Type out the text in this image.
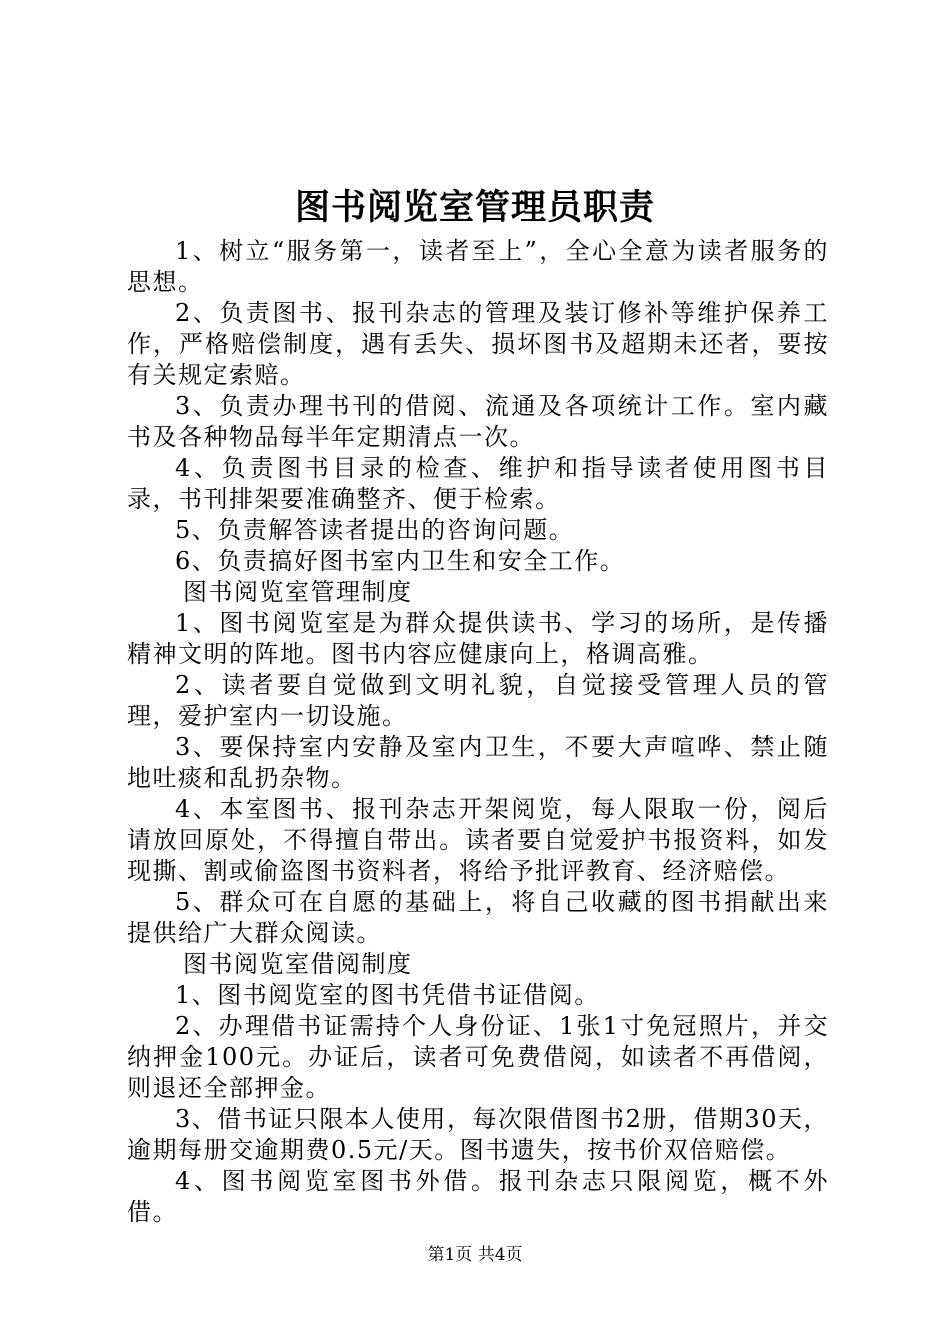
图书阅览室管理员职责

1、树立“服务第一，读者至上”，全心全意为读者服务的思想。

2、负责图书、报刊杂志的管理及装订修补等维护保养工作，严格赔偿制度，遇有丢失、损坏图书及超期未还者，要按有关规定索赔。

3、负责办理书刊的借阅、流通及各项统计工作。室内藏书及各种物品每半年定期清点一次。

4、负责图书目录的检查、维护和指导读者使用图书目录，书刊排架要准确整齐、便于检索。

5、负责解答读者提出的咨询问题。

6、负责搞好图书室内卫生和安全工作。

图书阅览室管理制度

1、图书阅览室是为群众提供读书、学习的场所，是传播精神文明的阵地。图书内容应健康向上，格调高雅。

2、读者要自觉做到文明礼貌，自觉接受管理人员的管理，爱护室内一切设施。

3、要保持室内安静及室内卫生，不要大声喧哗、禁止随地吐痰和乱扔杂物。

4、本室图书、报刊杂志开架阅览，每人限取一份，阅后请放回原处，不得擅自带出。读者要自觉爱护书报资料，如发现撕、割或偷盗图书资料者，将给予批评教育、经济赔偿。

5、群众可在自愿的基础上，将自己收藏的图书捐献出来提供给广大群众阅读。

图书阅览室借阅制度

1、图书阅览室的图书凭借书证借阅。

2、办理借书证需持个人身份证、1张1寸免冠照片，并交纳押金100元。办证后，读者可免费借阅，如读者不再借阅，则退还全部押金。

3、借书证只限本人使用，每次限借图书2册，借期30天，逾期每册交逾期费0.5元/天。图书遗失，按书价双倍赔偿。

4、图书阅览室图书外借。报刊杂志只限阅览，概不外借。

第1页 共4页
